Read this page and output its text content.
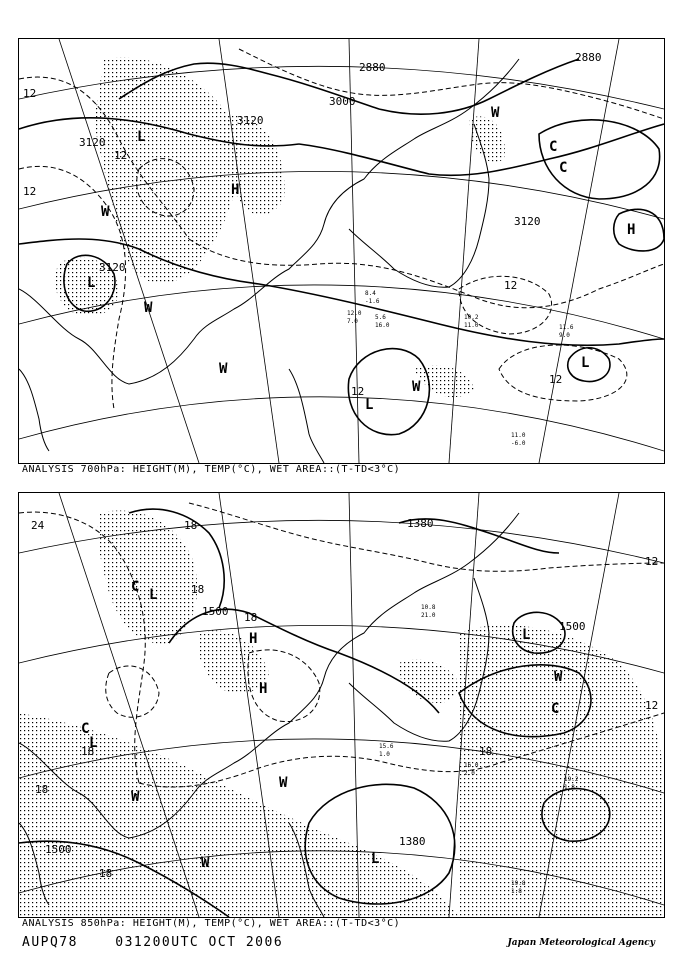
3120
3120
3120
3120
3000
2880
2880
12
12
12
12
12
12
L
L
L
L
H
H
W
W
W
W
W
C
C
11.0
-6.0
10.2
11.0
8.4
-1.6
11.6
9.0
5.6
16.0
12.0
7.0
ANALYSIS 700hPa: HEIGHT(M), TEMP(°C), WET AREA::(T-TD<3°C)
1500
1500
1500
1380
1380
24	18
18
18
18
18
18
18
12
12
L
L
L
L
H
H
W
W
W
W
C
C
C
19.8
1.8
16.0
2.0
19.2
1.8
15.6
1.0
10.8
21.0
ANALYSIS 850hPa: HEIGHT(M), TEMP(°C), WET AREA::(T-TD<3°C)
AUPQ78	031200UTC OCT 2006	Japan Meteorological Agency
